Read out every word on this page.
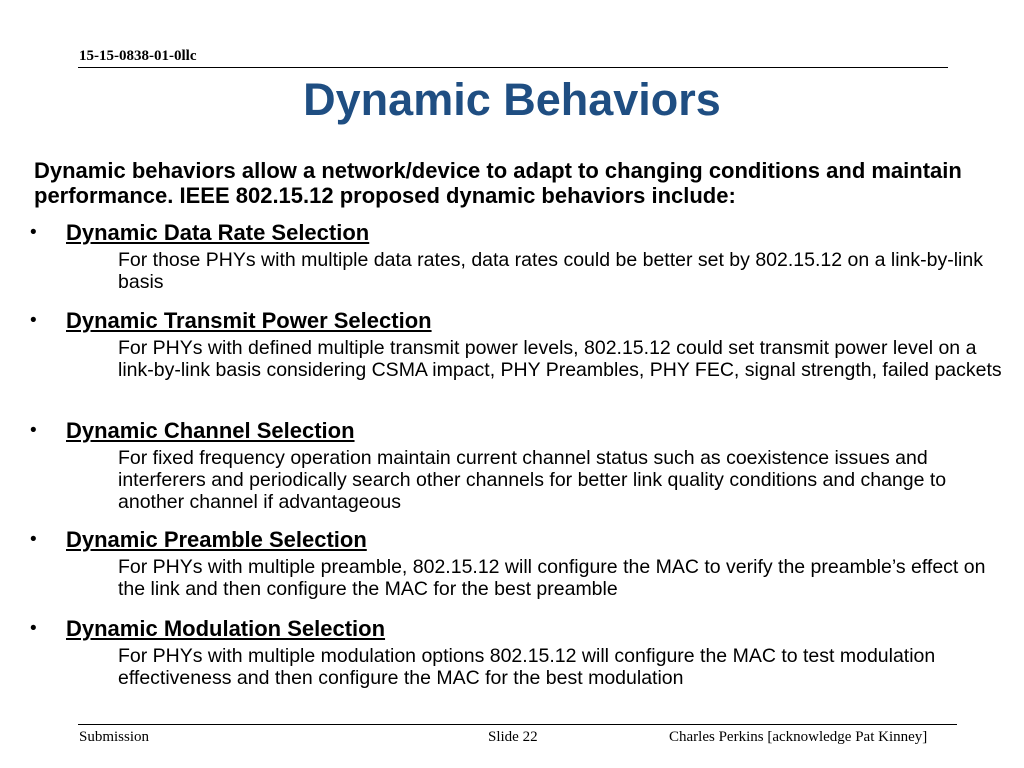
15-15-0838-01-0llc
Dynamic Behaviors
Dynamic behaviors allow a network/device to adapt to changing conditions and maintain performance. IEEE 802.15.12 proposed dynamic behaviors include:
• Dynamic Data Rate Selection
For those PHYs with multiple data rates, data rates could be better set by 802.15.12 on a link-by-link basis
• Dynamic Transmit Power Selection
For PHYs with defined multiple transmit power levels, 802.15.12 could set transmit power level on a link-by-link basis considering CSMA impact, PHY Preambles, PHY FEC, signal strength, failed packets
• Dynamic Channel Selection
For fixed frequency operation maintain current channel status such as coexistence issues and interferers and periodically search other channels for better link quality conditions and change to another channel if advantageous
• Dynamic Preamble Selection
For PHYs with multiple preamble, 802.15.12 will configure the MAC to verify the preamble’s effect on the link and then configure the MAC for the best preamble
• Dynamic Modulation Selection
For PHYs with multiple modulation options 802.15.12 will configure the MAC to test modulation effectiveness and then configure the MAC for the best modulation
Submission	Slide 22	Charles Perkins [acknowledge Pat Kinney]
